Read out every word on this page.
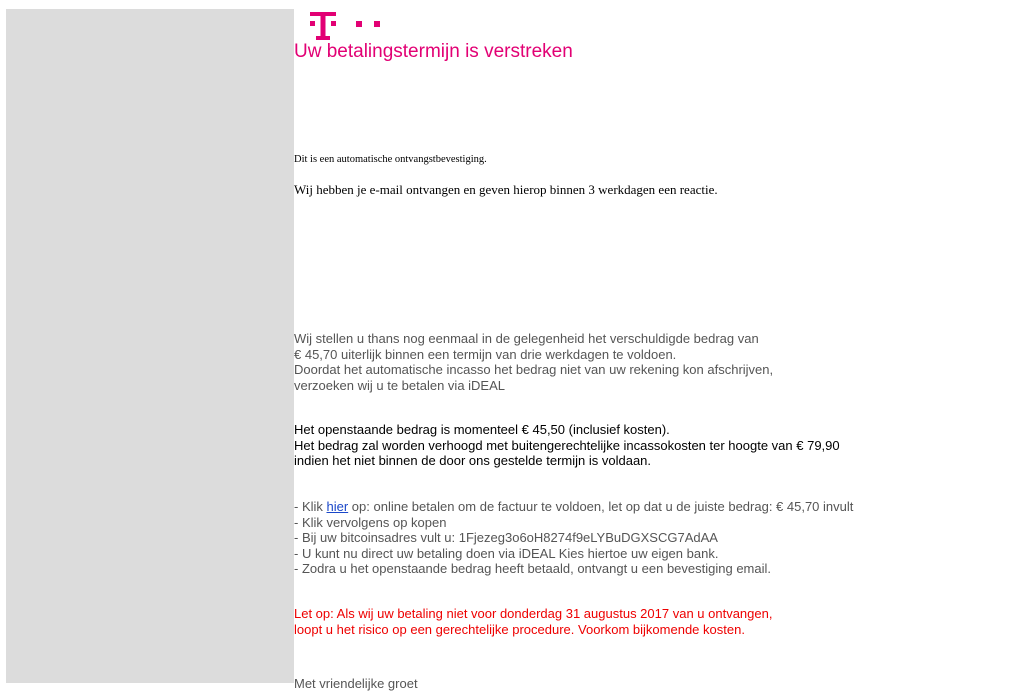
Uw betalingstermijn is verstreken
Dit is een automatische ontvangstbevestiging.
Wij hebben je e-mail ontvangen en geven hierop binnen 3 werkdagen een reactie.
Wij stellen u thans nog eenmaal in de gelegenheid het verschuldigde bedrag van
€ 45,70 uiterlijk binnen een termijn van drie werkdagen te voldoen.
Doordat het automatische incasso het bedrag niet van uw rekening kon afschrijven,
verzoeken wij u te betalen via iDEAL
Het openstaande bedrag is momenteel € 45,50 (inclusief kosten).
Het bedrag zal worden verhoogd met buitengerechtelijke incassokosten ter hoogte van € 79,90
indien het niet binnen de door ons gestelde termijn is voldaan.
- Klik hier op: online betalen om de factuur te voldoen, let op dat u de juiste bedrag: € 45,70 invult
- Klik vervolgens op kopen
- Bij uw bitcoinsadres vult u: 1Fjezeg3o6oH8274f9eLYBuDGXSCG7AdAA
- U kunt nu direct uw betaling doen via iDEAL Kies hiertoe uw eigen bank.
- Zodra u het openstaande bedrag heeft betaald, ontvangt u een bevestiging email.
Let op: Als wij uw betaling niet voor donderdag 31 augustus 2017 van u ontvangen,
loopt u het risico op een gerechtelijke procedure. Voorkom bijkomende kosten.
Met vriendelijke groet
